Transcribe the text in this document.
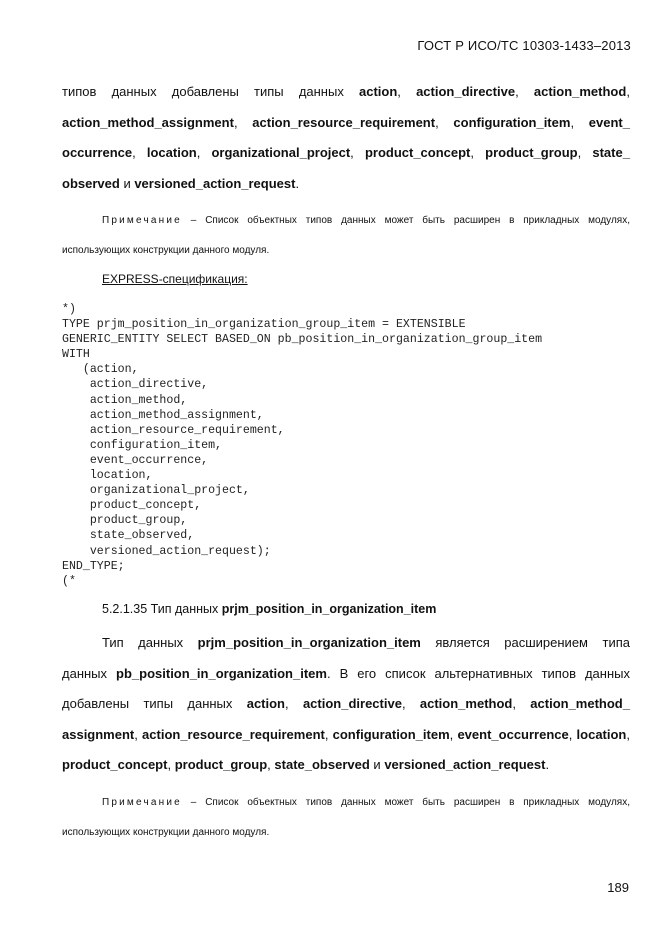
ГОСТ Р ИСО/ТС 10303-1433–2013
типов данных добавлены типы данных action, action_directive, action_method,
action_method_assignment, action_resource_requirement, configuration_item, event_
occurrence, location, organizational_project, product_concept, product_group, state_
observed и versioned_action_request.
Примечание – Список объектных типов данных может быть расширен в прикладных модулях,
использующих конструкции данного модуля.
EXPRESS-спецификация:
*)
TYPE prjm_position_in_organization_group_item = EXTENSIBLE
GENERIC_ENTITY SELECT BASED_ON pb_position_in_organization_group_item
WITH
(action,
action_directive,
action_method,
action_method_assignment,
action_resource_requirement,
configuration_item,
event_occurrence,
location,
organizational_project,
product_concept,
product_group,
state_observed,
versioned_action_request);
END_TYPE;
(*
5.2.1.35 Тип данных prjm_position_in_organization_item
Тип данных prjm_position_in_organization_item является расширением типа
данных pb_position_in_organization_item. В его список альтернативных типов данных
добавлены типы данных action, action_directive, action_method, action_method_
assignment, action_resource_requirement, configuration_item, event_occurrence, location,
product_concept, product_group, state_observed и versioned_action_request.
Примечание – Список объектных типов данных может быть расширен в прикладных модулях,
использующих конструкции данного модуля.
189
